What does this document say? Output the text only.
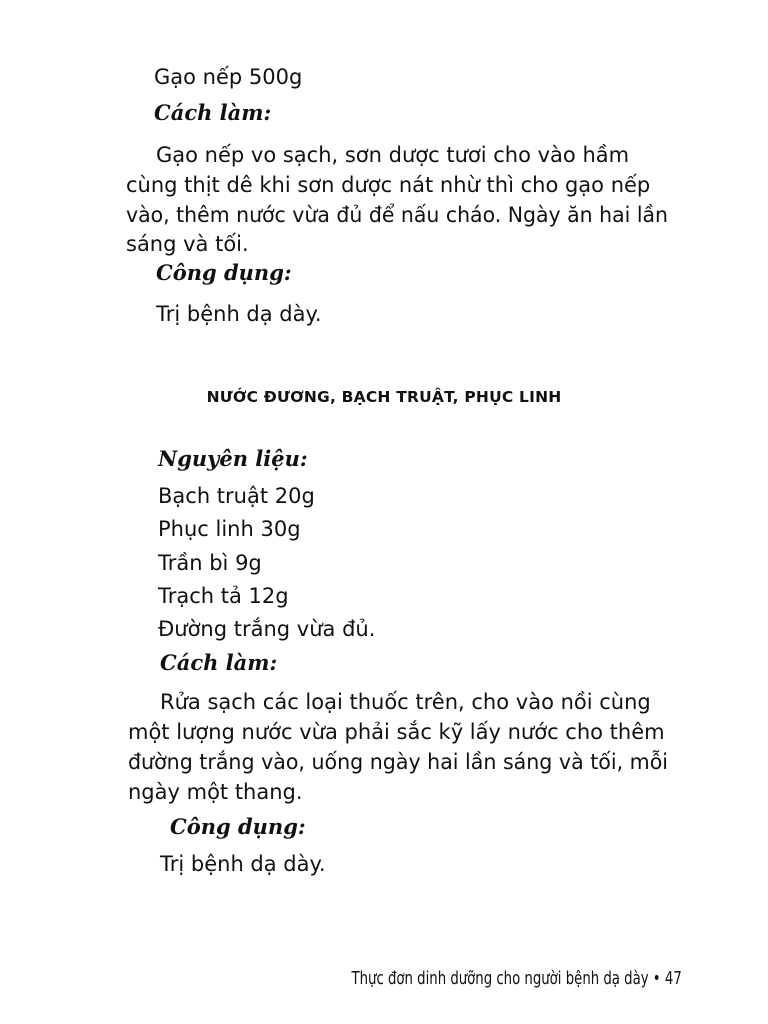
Gạo nếp 500g
Cách làm:
Gạo nếp vo sạch, sơn dược tươi cho vào hầm
cùng thịt dê khi sơn dược nát nhừ thì cho gạo nếp
vào, thêm nước vừa đủ để nấu cháo. Ngày ăn hai lần
sáng và tối.
Công dụng:
Trị bệnh dạ dày.
NƯỚC ĐƯƠNG, BẠCH TRUẬT, PHỤC LINH
Nguyên liệu:
Bạch truật 20g
Phục linh 30g
Trần bì 9g
Trạch tả 12g
Đường trắng vừa đủ.
Cách làm:
Rửa sạch các loại thuốc trên, cho vào nồi cùng
một lượng nước vừa phải sắc kỹ lấy nước cho thêm
đường trắng vào, uống ngày hai lần sáng và tối, mỗi
ngày một thang.
Công dụng:
Trị bệnh dạ dày.
Thực đơn dinh dưỡng cho người bệnh dạ dày • 47
